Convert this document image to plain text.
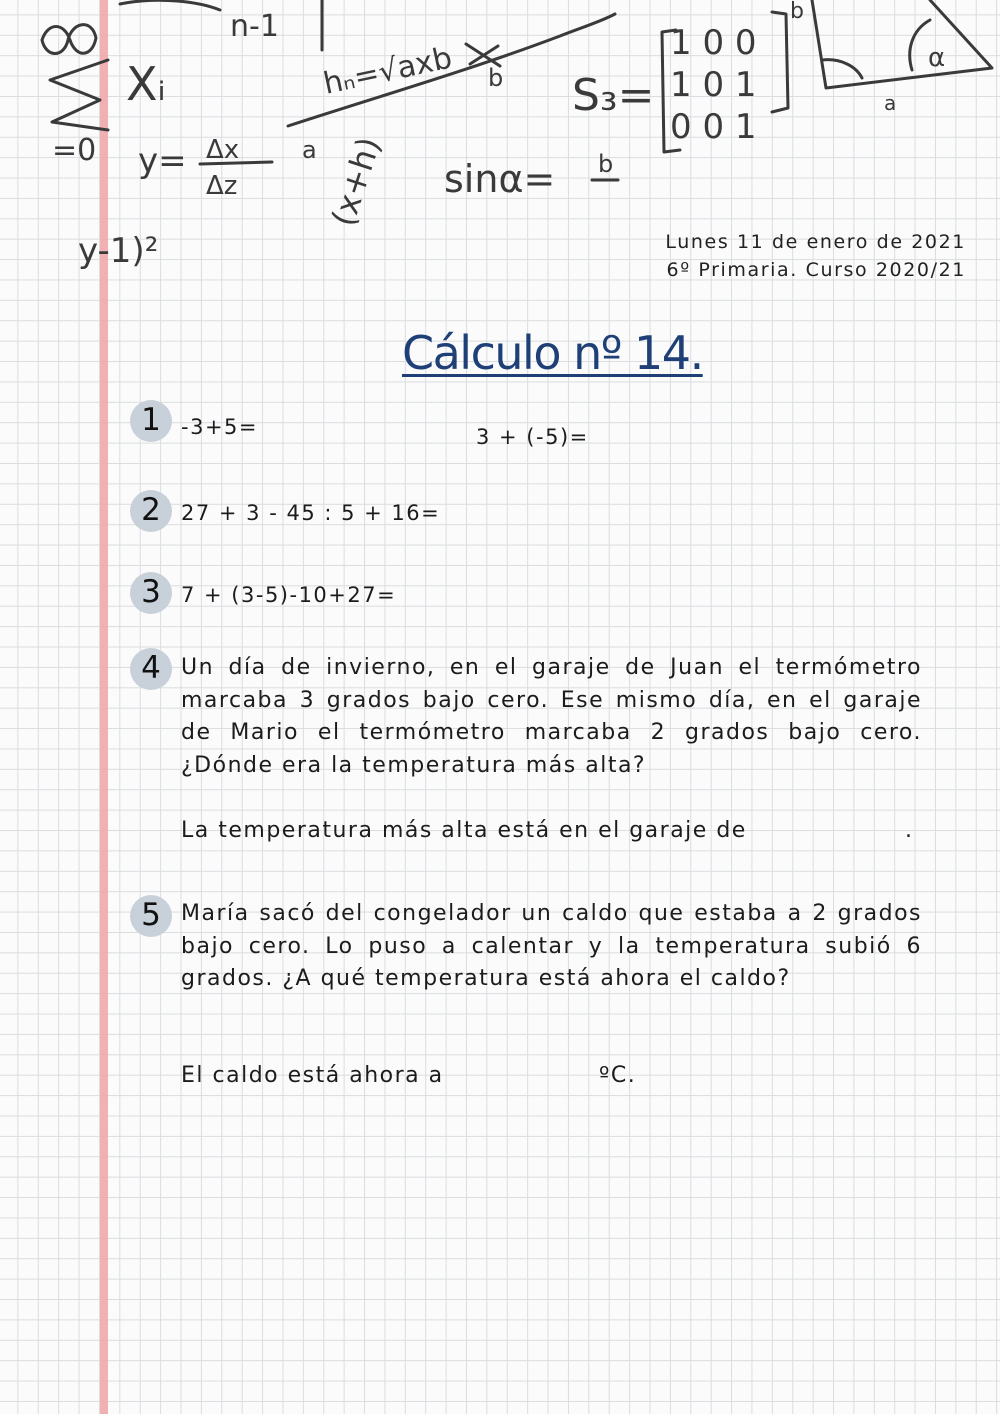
=0
Xᵢ
n-1
y= Δx
Δz
y-1)²
hₙ=√axb b
a (x+h)
S₃=
1 0 0
1 0 1
0 0 1
b
sinα= b
α
a
Lunes 11 de enero de 2021
6º Primaria. Curso 2020/21
Cálculo nº 14.
1 -3+5=	3 + (-5)=
2 27 + 3 - 45 : 5 + 16=
3 7 + (3-5)-10+27=
4 Un día de invierno, en el garaje de Juan el termómetro marcaba 3 grados bajo cero. Ese mismo día, en el garaje de Mario el termómetro marcaba 2 grados bajo cero. ¿Dónde era la temperatura más alta?
La temperatura más alta está en el garaje de	.
5 María sacó del congelador un caldo que estaba a 2 grados bajo cero. Lo puso a calentar y la temperatura subió 6 grados. ¿A qué temperatura está ahora el caldo?
El caldo está ahora a	ºC.
